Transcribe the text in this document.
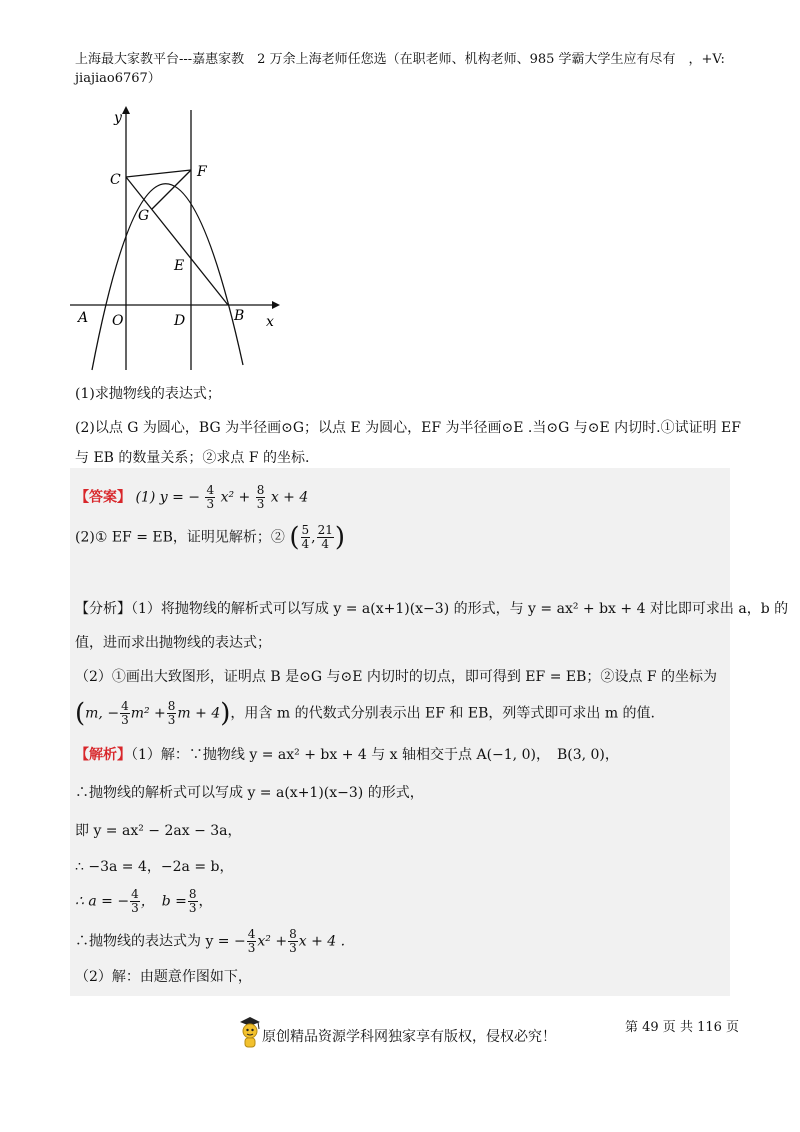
上海最大家教平台---嘉惠家教　2 万余上海老师任您选（在职老师、机构老师、985 学霸大学生应有尽有　，+V:
jiajiao6767）
y
x
C	F
G
E
A O	D	B
(1)求抛物线的表达式；
(2)以点 G 为圆心，BG 为半径画⊙G；以点 E 为圆心，EF 为半径画⊙E .当⊙G 与⊙E 内切时.①试证明 EF
与 EB 的数量关系；②求点 F 的坐标.
【答案】 (1) y = − $\frac{4}{3} x^2 + \frac{8}{3}$ x + 4
(2)① EF = EB，证明见解析；② ( $\frac{5}{4}$ , $\frac{21}{4}$ )
【分析】（1）将抛物线的解析式可以写成 y = a(x+1)(x−3) 的形式，与 y = ax² + bx + 4 对比即可求出 a，b 的
值，进而求出抛物线的表达式；
（2）①画出大致图形，证明点 B 是⊙G 与⊙E 内切时的切点，即可得到 EF = EB；②设点 F 的坐标为
(m, − $\frac{4}{3} m^2 + \frac{8}{3}$ m + 4)，用含 m 的代数式分别表示出 EF 和 EB，列等式即可求出 m 的值.
【解析】（1）解：∵抛物线 y = ax² + bx + 4 与 x 轴相交于点 A(−1, 0)，　B(3, 0)，
∴抛物线的解析式可以写成 y = a(x+1)(x−3) 的形式，
即 y = ax² − 2ax − 3a，
∴ −3a = 4，−2a = b，
∴ a = − $\frac{4}{3}$ ，　$b = \frac{8}{3}$ ，
∴抛物线的表达式为 y = − $\frac{4}{3} x^2 + \frac{8}{3}$ x + 4 .
（2）解：由题意作图如下，
原创精品资源学科网独家享有版权，侵权必究！
第 49 页 共 116 页
